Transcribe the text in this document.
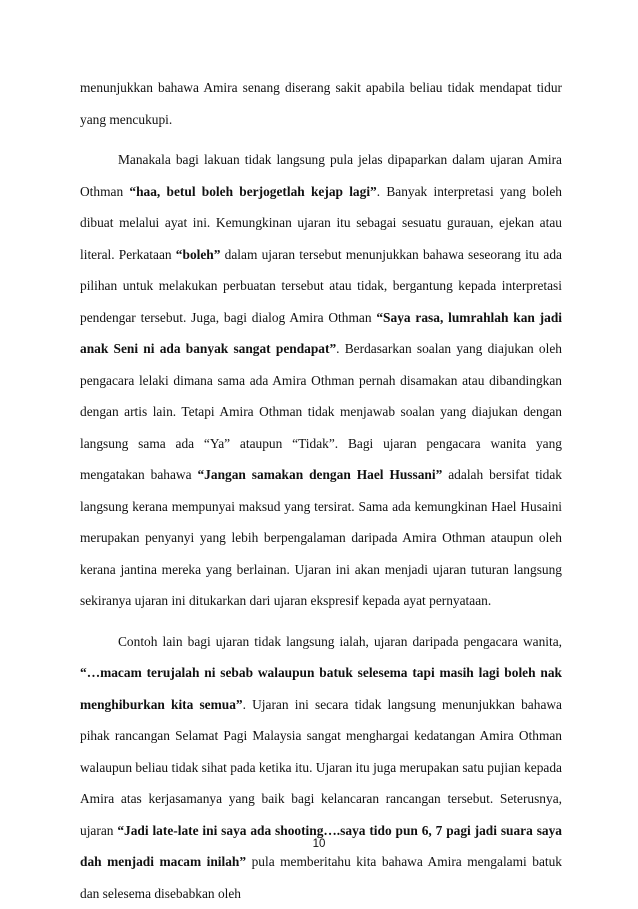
menunjukkan bahawa Amira senang diserang sakit apabila beliau tidak mendapat tidur yang mencukupi.

Manakala bagi lakuan tidak langsung pula jelas dipaparkan dalam ujaran Amira Othman “haa, betul boleh berjogetlah kejap lagi”. Banyak interpretasi yang boleh dibuat melalui ayat ini. Kemungkinan ujaran itu sebagai sesuatu gurauan, ejekan atau literal. Perkataan “boleh” dalam ujaran tersebut menunjukkan bahawa seseorang itu ada pilihan untuk melakukan perbuatan tersebut atau tidak, bergantung kepada interpretasi pendengar tersebut. Juga, bagi dialog Amira Othman “Saya rasa, lumrahlah kan jadi anak Seni ni ada banyak sangat pendapat”. Berdasarkan soalan yang diajukan oleh pengacara lelaki dimana sama ada Amira Othman pernah disamakan atau dibandingkan dengan artis lain. Tetapi Amira Othman tidak menjawab soalan yang diajukan dengan langsung sama ada “Ya” ataupun “Tidak”. Bagi ujaran pengacara wanita yang mengatakan bahawa “Jangan samakan dengan Hael Hussani” adalah bersifat tidak langsung kerana mempunyai maksud yang tersirat. Sama ada kemungkinan Hael Husaini merupakan penyanyi yang lebih berpengalaman daripada Amira Othman ataupun oleh kerana jantina mereka yang berlainan. Ujaran ini akan menjadi ujaran tuturan langsung sekiranya ujaran ini ditukarkan dari ujaran ekspresif kepada ayat pernyataan.

Contoh lain bagi ujaran tidak langsung ialah, ujaran daripada pengacara wanita, “…macam terujalah ni sebab walaupun batuk selesema tapi masih lagi boleh nak menghiburkan kita semua”. Ujaran ini secara tidak langsung menunjukkan bahawa pihak rancangan Selamat Pagi Malaysia sangat menghargai kedatangan Amira Othman walaupun beliau tidak sihat pada ketika itu. Ujaran itu juga merupakan satu pujian kepada Amira atas kerjasamanya yang baik bagi kelancaran rancangan tersebut. Seterusnya, ujaran “Jadi late-late ini saya ada shooting….saya tido pun 6, 7 pagi jadi suara saya dah menjadi macam inilah” pula memberitahu kita bahawa Amira mengalami batuk dan selesema disebabkan oleh

10
